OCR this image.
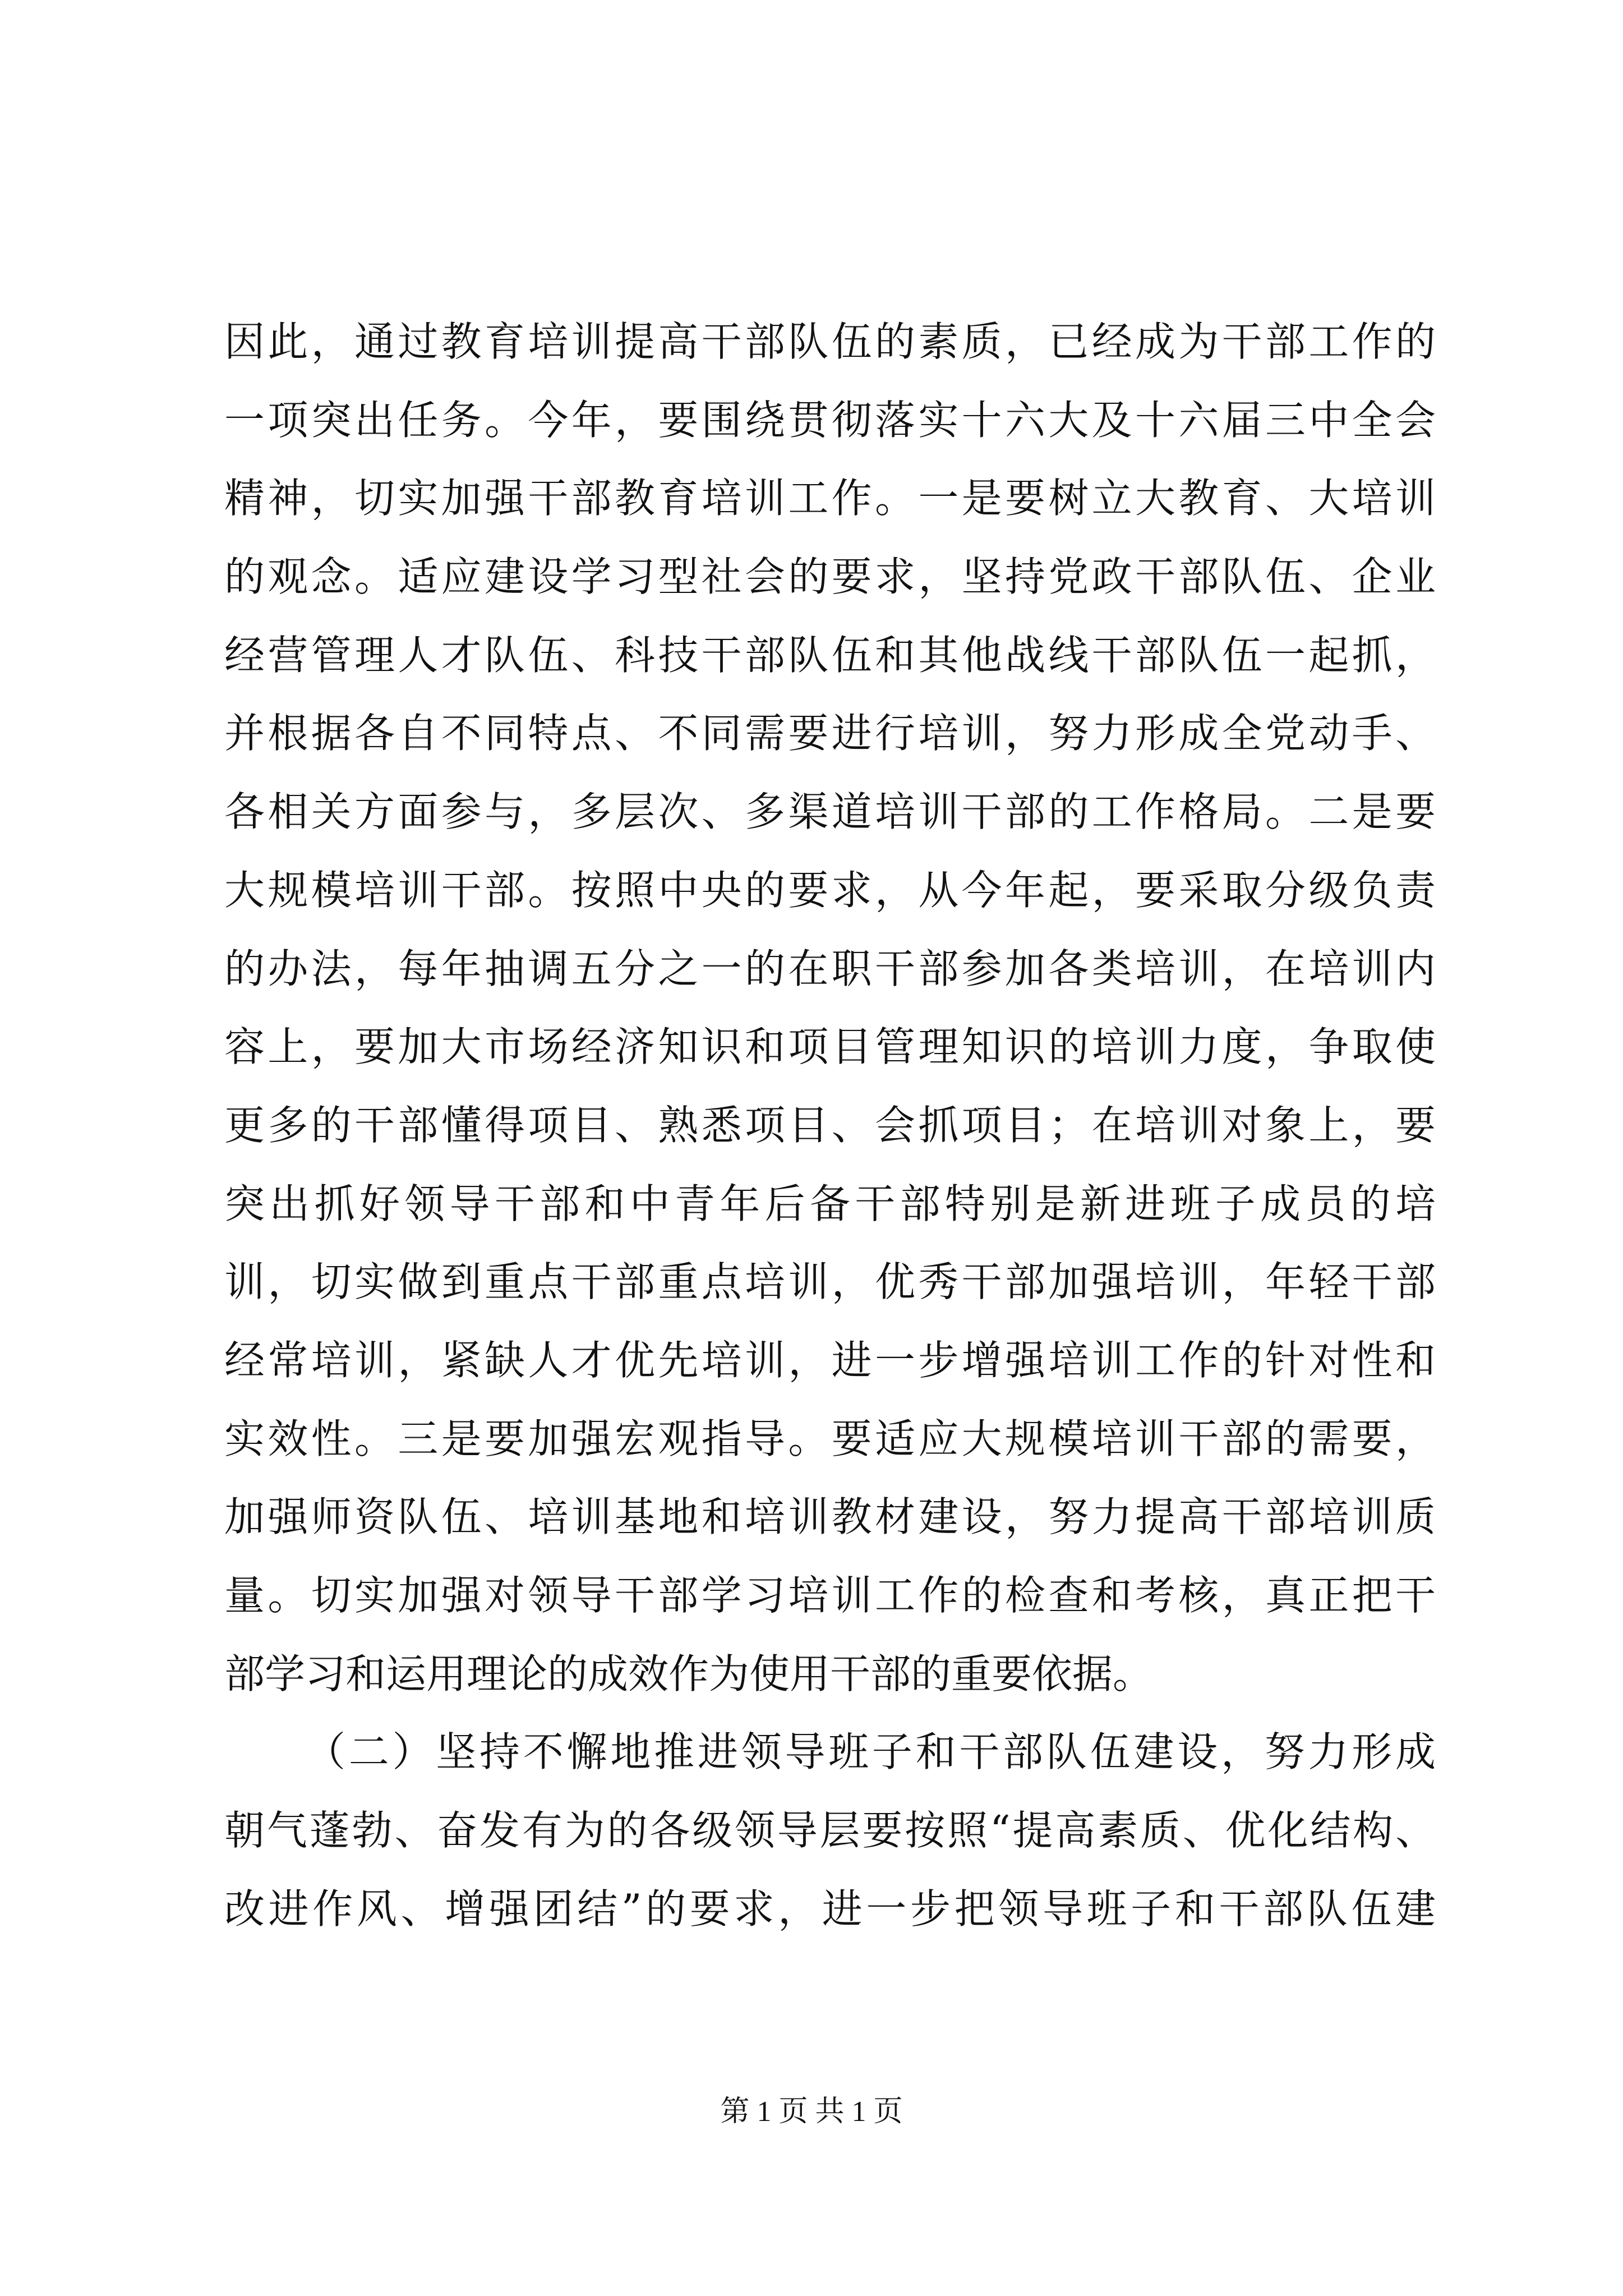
因此，通过教育培训提高干部队伍的素质，已经成为干部工作的
一项突出任务。今年，要围绕贯彻落实十六大及十六届三中全会
精神，切实加强干部教育培训工作。一是要树立大教育、大培训
的观念。适应建设学习型社会的要求，坚持党政干部队伍、企业
经营管理人才队伍、科技干部队伍和其他战线干部队伍一起抓，
并根据各自不同特点、不同需要进行培训，努力形成全党动手、
各相关方面参与，多层次、多渠道培训干部的工作格局。二是要
大规模培训干部。按照中央的要求，从今年起，要采取分级负责
的办法，每年抽调五分之一的在职干部参加各类培训，在培训内
容上，要加大市场经济知识和项目管理知识的培训力度，争取使
更多的干部懂得项目、熟悉项目、会抓项目；在培训对象上，要
突出抓好领导干部和中青年后备干部特别是新进班子成员的培
训，切实做到重点干部重点培训，优秀干部加强培训，年轻干部
经常培训，紧缺人才优先培训，进一步增强培训工作的针对性和
实效性。三是要加强宏观指导。要适应大规模培训干部的需要，
加强师资队伍、培训基地和培训教材建设，努力提高干部培训质
量。切实加强对领导干部学习培训工作的检查和考核，真正把干
部学习和运用理论的成效作为使用干部的重要依据。
（二）坚持不懈地推进领导班子和干部队伍建设，努力形成
朝气蓬勃、奋发有为的各级领导层要按照“提高素质、优化结构、
改进作风、增强团结”的要求，进一步把领导班子和干部队伍建
第 1 页 共 1 页
